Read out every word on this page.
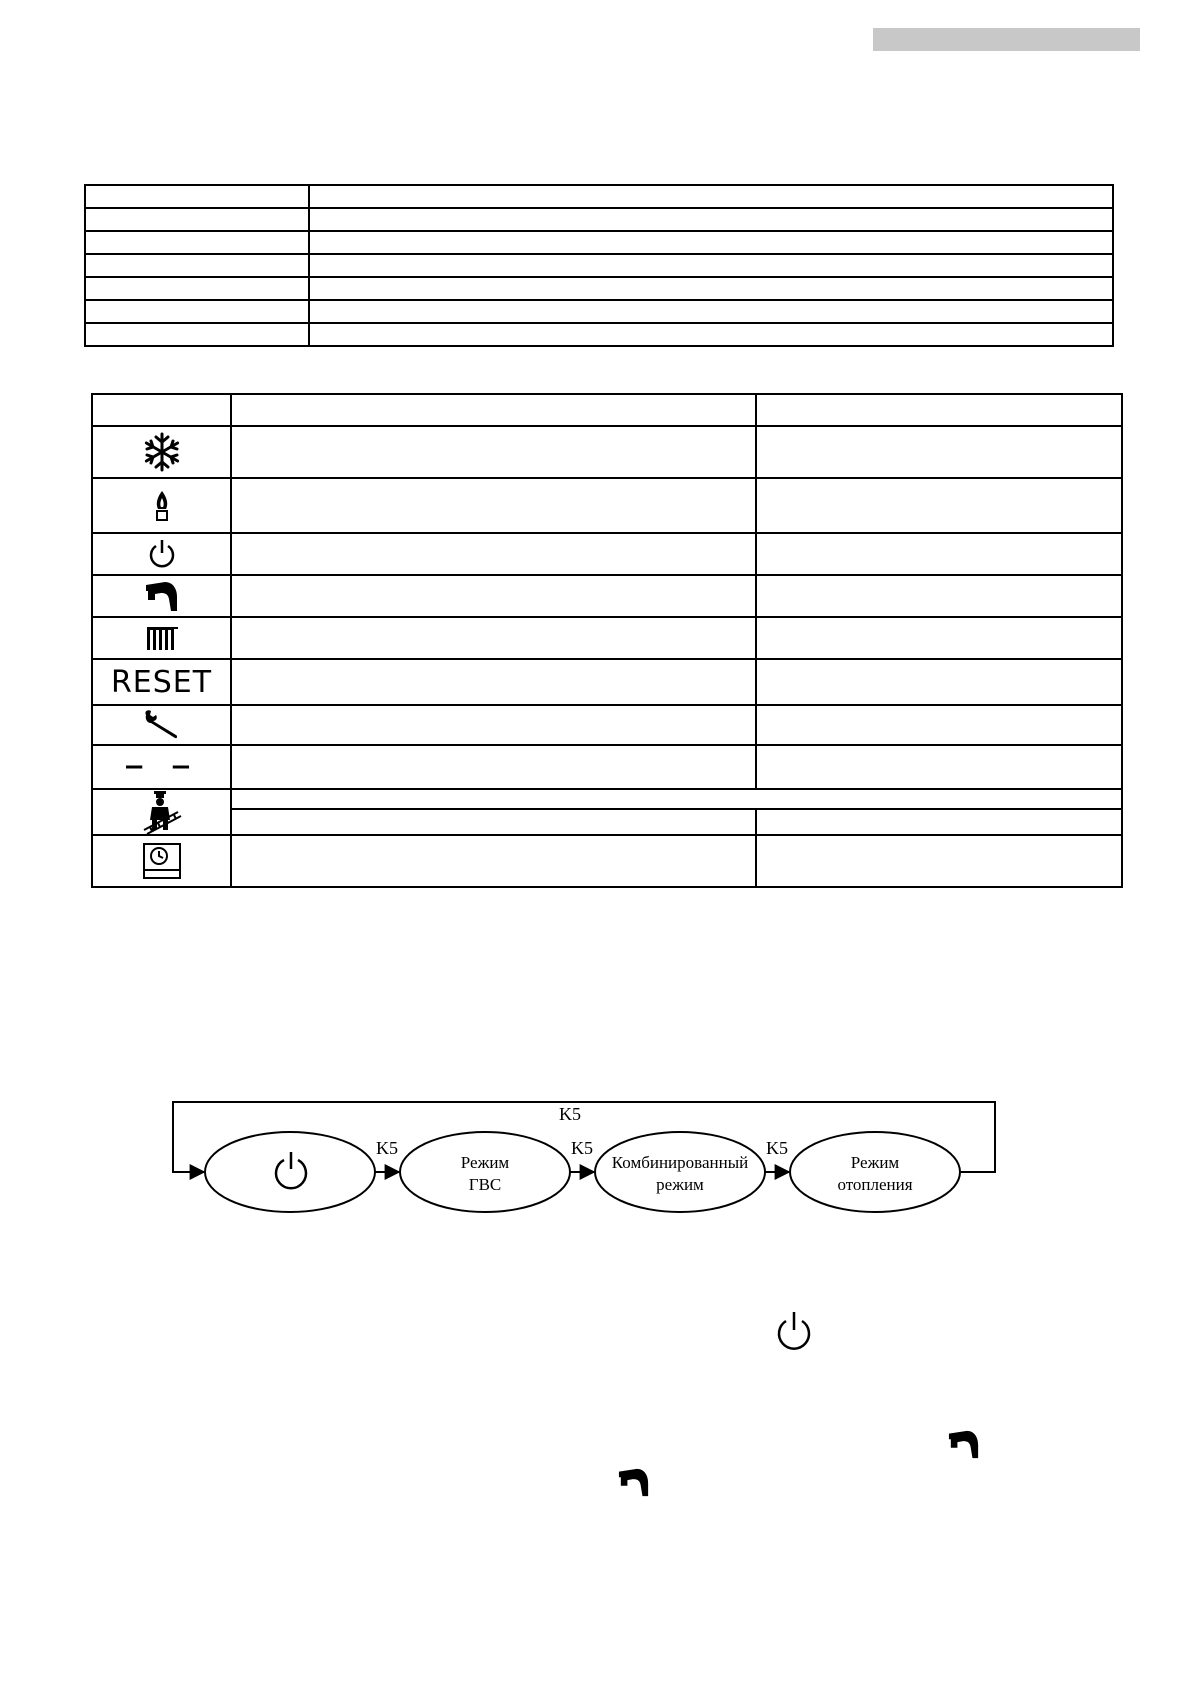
RESET		

− −		

K5
K5
Режим
ГВС
K5
Комбинированный
режим
K5
Режим
отопления
